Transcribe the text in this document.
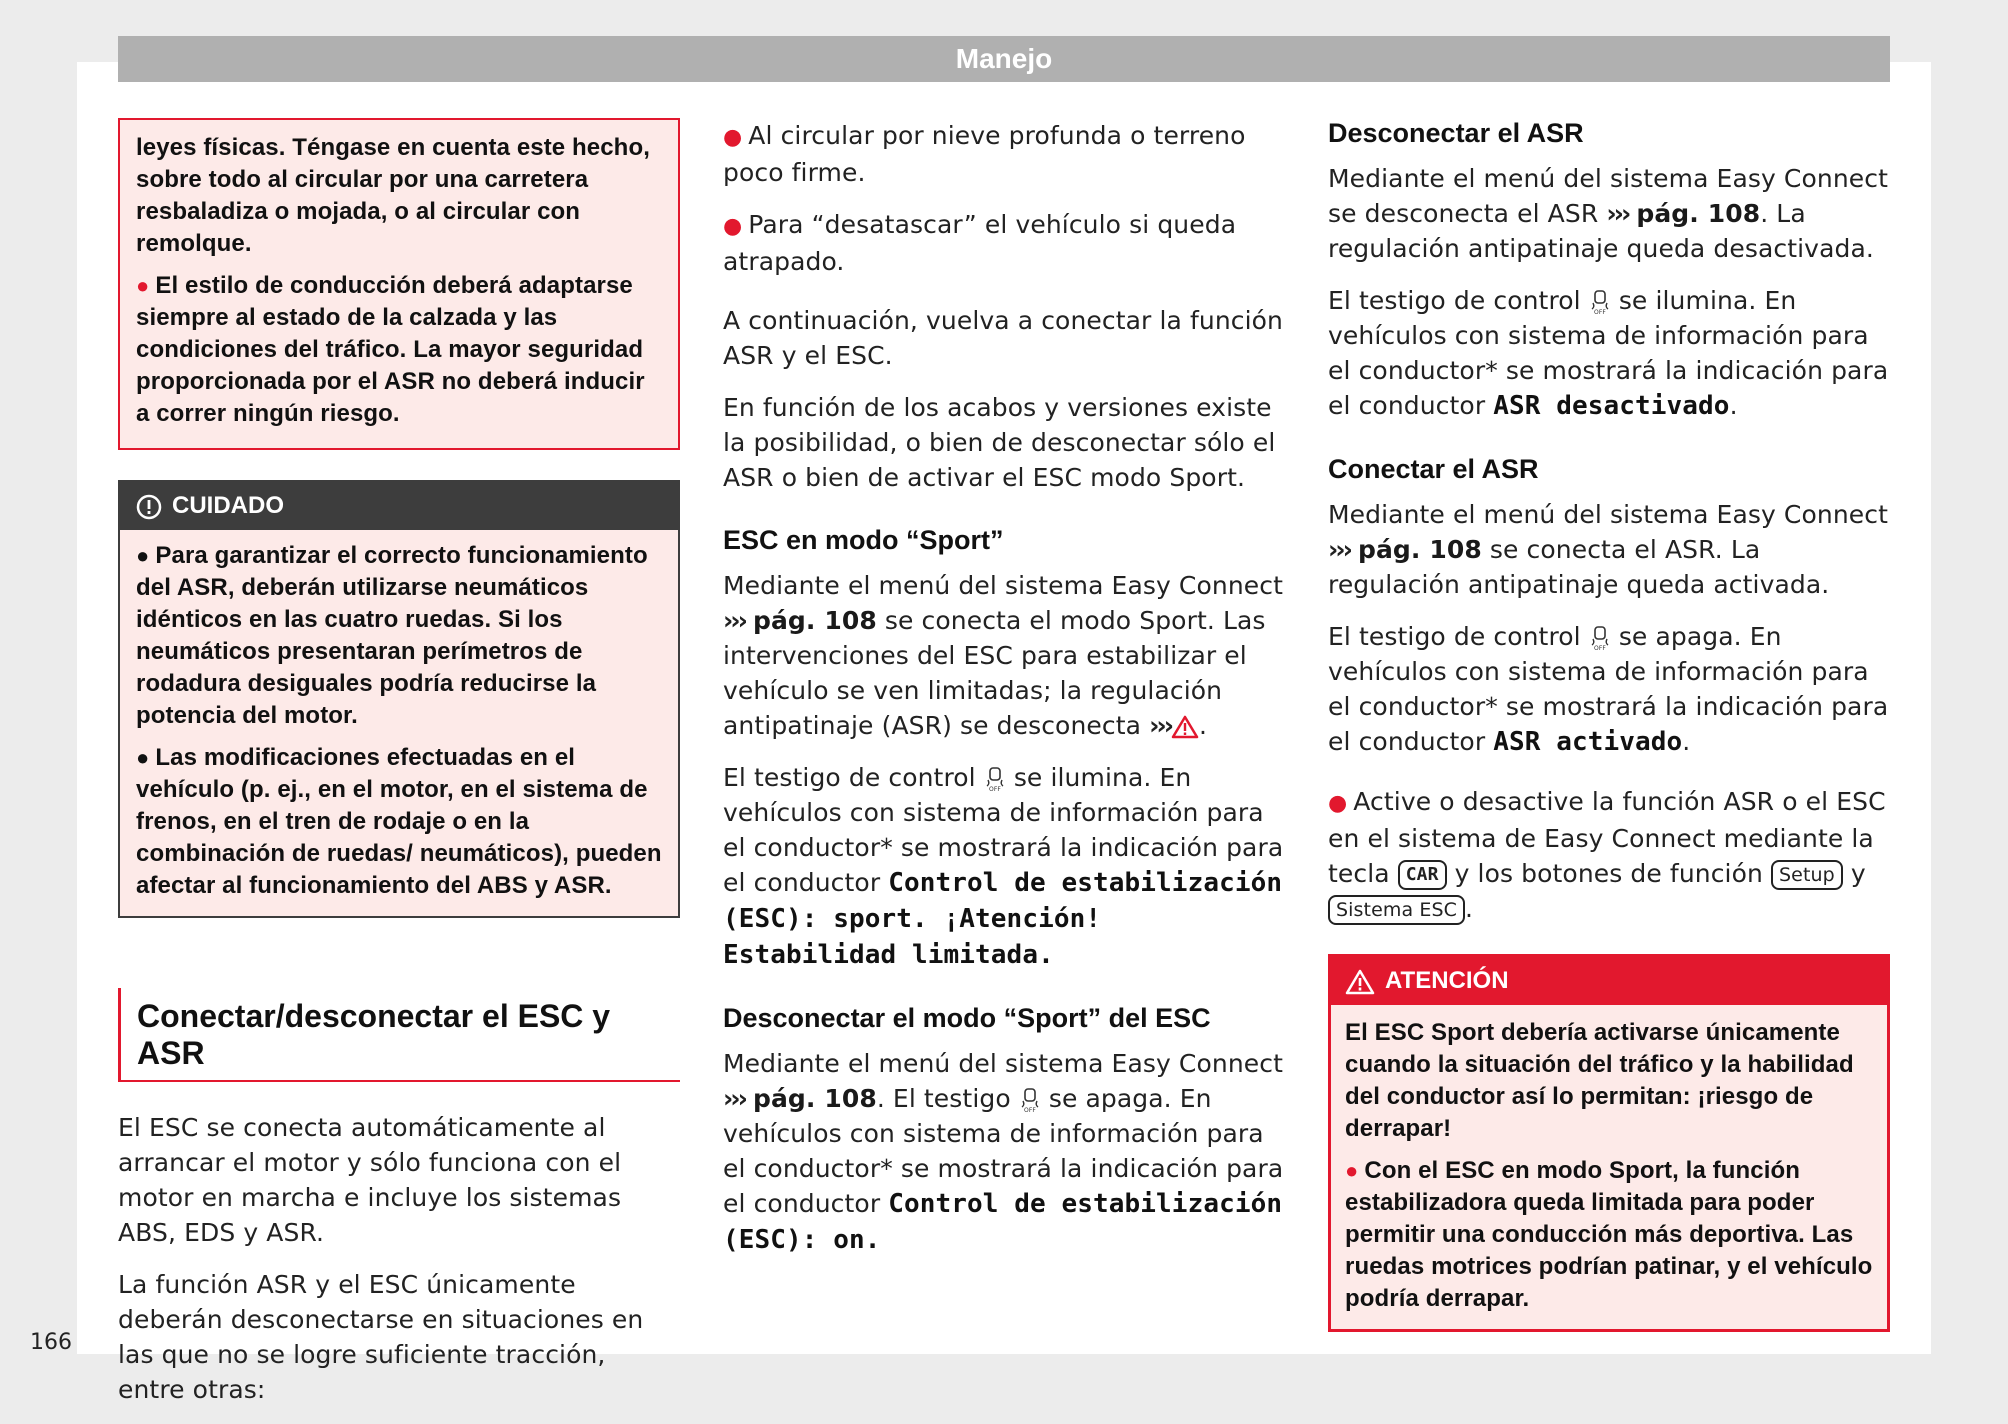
Manejo

leyes físicas. Téngase en cuenta este hecho, sobre todo al circular por una carretera resbaladiza o mojada, o al circular con remolque.

● El estilo de conducción deberá adaptarse siempre al estado de la calzada y las condiciones del tráfico. La mayor seguridad proporcionada por el ASR no deberá inducir a correr ningún riesgo.

CUIDADO

● Para garantizar el correcto funcionamiento del ASR, deberán utilizarse neumáticos idénticos en las cuatro ruedas. Si los neumáticos presentaran perímetros de rodadura desiguales podría reducirse la potencia del motor.

● Las modificaciones efectuadas en el vehículo (p. ej., en el motor, en el sistema de frenos, en el tren de rodaje o en la combinación de ruedas/ neumáticos), pueden afectar al funcionamiento del ABS y ASR.

Conectar/desconectar el ESC y ASR

El ESC se conecta automáticamente al arrancar el motor y sólo funciona con el motor en marcha e incluye los sistemas ABS, EDS y ASR.

La función ASR y el ESC únicamente deberán desconectarse en situaciones en las que no se logre suficiente tracción, entre otras:

● Al circular por nieve profunda o terreno poco firme.

● Para “desatascar” el vehículo si queda atrapado.

A continuación, vuelva a conectar la función ASR y el ESC.

En función de los acabos y versiones existe la posibilidad, o bien de desconectar sólo el ASR o bien de activar el ESC modo Sport.

ESC en modo “Sport”

Mediante el menú del sistema Easy Connect ››› pág. 108 se conecta el modo Sport. Las intervenciones del ESC para estabilizar el vehículo se ven limitadas; la regulación antipatinaje (ASR) se desconecta ››› .

El testigo de control OFF se ilumina. En vehículos con sistema de información para el conductor* se mostrará la indicación para el conductor Control de estabilización (ESC): sport. ¡Atención! Estabilidad limitada.

Desconectar el modo “Sport” del ESC

Mediante el menú del sistema Easy Connect ››› pág. 108. El testigo OFF se apaga. En vehículos con sistema de información para el conductor* se mostrará la indicación para el conductor Control de estabilización (ESC): on.

Desconectar el ASR

Mediante el menú del sistema Easy Connect se desconecta el ASR ››› pág. 108. La regulación antipatinaje queda desactivada.

El testigo de control OFF se ilumina. En vehículos con sistema de información para el conductor* se mostrará la indicación para el conductor ASR desactivado.

Conectar el ASR

Mediante el menú del sistema Easy Connect ››› pág. 108 se conecta el ASR. La regulación antipatinaje queda activada.

El testigo de control OFF se apaga. En vehículos con sistema de información para el conductor* se mostrará la indicación para el conductor ASR activado.

● Active o desactive la función ASR o el ESC en el sistema de Easy Connect mediante la tecla CAR y los botones de función Setup y Sistema ESC .

ATENCIÓN

El ESC Sport debería activarse únicamente cuando la situación del tráfico y la habilidad del conductor así lo permitan: ¡riesgo de derrapar!

● Con el ESC en modo Sport, la función estabilizadora queda limitada para poder permitir una conducción más deportiva. Las ruedas motrices podrían patinar, y el vehículo podría derrapar.

166
